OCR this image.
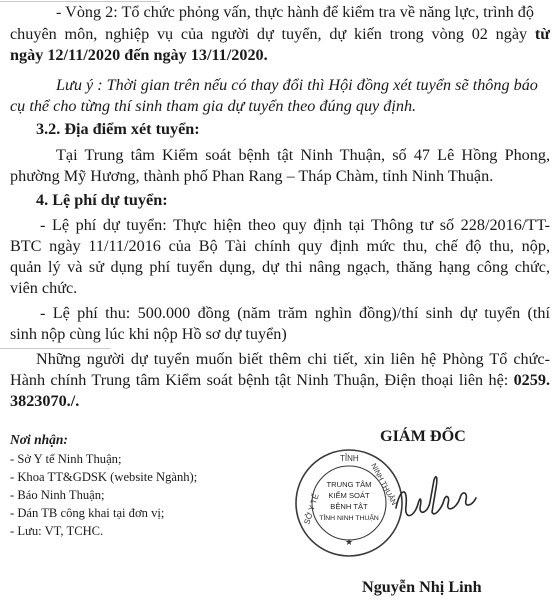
- Vòng 2: Tổ chức phỏng vấn, thực hành để kiểm tra về năng lực, trình độ
chuyên môn, nghiệp vụ của người dự tuyển, dự kiến trong vòng 02 ngày từ
ngày 12/11/2020 đến ngày 13/11/2020.
Lưu ý : Thời gian trên nếu có thay đổi thì Hội đồng xét tuyển sẽ thông báo
cụ thể cho từng thí sinh tham gia dự tuyển theo đúng quy định.
3.2. Địa điểm xét tuyển:
Tại Trung tâm Kiểm soát bệnh tật Ninh Thuận, số 47 Lê Hồng Phong,
phường Mỹ Hương, thành phố Phan Rang – Tháp Chàm, tỉnh Ninh Thuận.
4. Lệ phí dự tuyển:
- Lệ phí dự tuyển: Thực hiện theo quy định tại Thông tư số 228/2016/TT-
BTC ngày 11/11/2016 của Bộ Tài chính quy định mức thu, chế độ thu, nộp,
quản lý và sử dụng phí tuyển dụng, dự thi nâng ngạch, thăng hạng công chức,
viên chức.
- Lệ phí thu: 500.000 đồng (năm trăm nghìn đồng)/thí sinh dự tuyển (thí
sinh nộp cùng lúc khi nộp Hồ sơ dự tuyển)
Những người dự tuyển muốn biết thêm chi tiết, xin liên hệ Phòng Tổ chức-
Hành chính Trung tâm Kiểm soát bệnh tật Ninh Thuận, Điện thoại liên hệ: 0259.
3823070./.
Nơi nhận:
- Sở Y tế Ninh Thuận;
- Khoa TT&GDSK (website Ngành);
- Báo Ninh Thuận;
- Dán TB công khai tại đơn vị;
- Lưu: VT, TCHC.
GIÁM ĐỐC
SỞ Y TẾ
TỈNH
NINH THUẬN
TRUNG TÂM
KIỂM SOÁT
BỆNH TẬT
TỈNH NINH THUẬN
★
Nguyễn Nhị Linh
